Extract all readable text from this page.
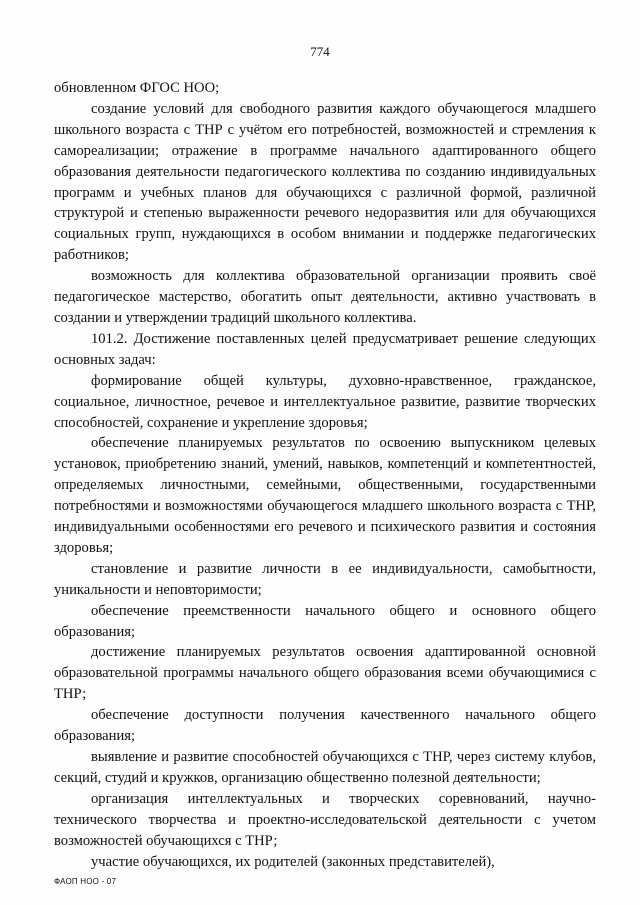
774

обновленном ФГОС НОО;

создание условий для свободного развития каждого обучающегося младшего школьного возраста с ТНР с учётом его потребностей, возможностей и стремления к самореализации; отражение в программе начального адаптированного общего образования деятельности педагогического коллектива по созданию индивидуальных программ и учебных планов для обучающихся с различной формой, различной структурой и степенью выраженности речевого недоразвития или для обучающихся социальных групп, нуждающихся в особом внимании и поддержке педагогических работников;

возможность для коллектива образовательной организации проявить своё педагогическое мастерство, обогатить опыт деятельности, активно участвовать в создании и утверждении традиций школьного коллектива.

101.2. Достижение поставленных целей предусматривает решение следующих основных задач:

формирование общей культуры, духовно-нравственное, гражданское, социальное, личностное, речевое и интеллектуальное развитие, развитие творческих способностей, сохранение и укрепление здоровья;

обеспечение планируемых результатов по освоению выпускником целевых установок, приобретению знаний, умений, навыков, компетенций и компетентностей, определяемых личностными, семейными, общественными, государственными потребностями и возможностями обучающегося младшего школьного возраста с ТНР, индивидуальными особенностями его речевого и психического развития и состояния здоровья;

становление и развитие личности в ее индивидуальности, самобытности, уникальности и неповторимости;

обеспечение преемственности начального общего и основного общего образования;

достижение планируемых результатов освоения адаптированной основной образовательной программы начального общего образования всеми обучающимися с ТНР;

обеспечение доступности получения качественного начального общего образования;

выявление и развитие способностей обучающихся с ТНР, через систему клубов, секций, студий и кружков, организацию общественно полезной деятельности;

организация интеллектуальных и творческих соревнований, научно-технического творчества и проектно-исследовательской деятельности с учетом возможностей обучающихся с ТНР;

участие обучающихся, их родителей (законных представителей),

ФАОП НОО - 07
